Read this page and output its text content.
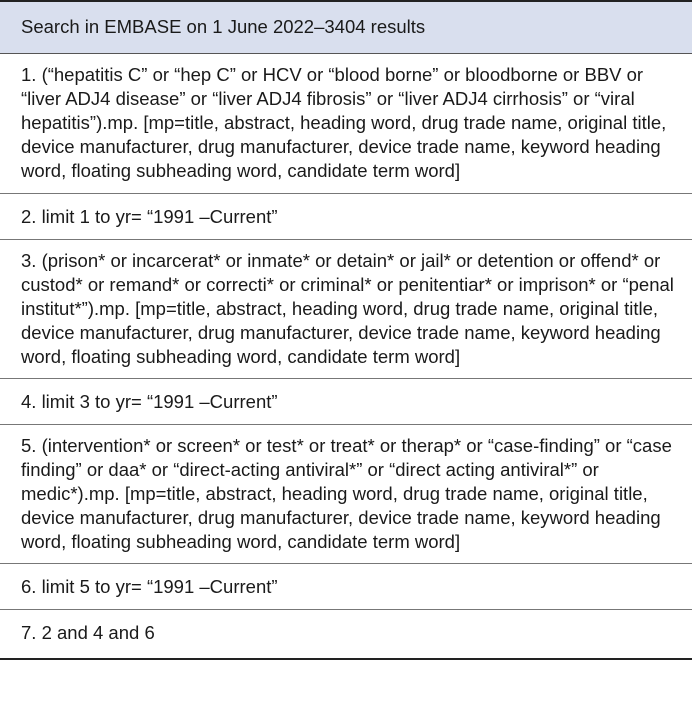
Search in EMBASE on 1 June 2022–3404 results
1. (“hepatitis C” or “hep C” or HCV or “blood borne” or bloodborne or BBV or “liver ADJ4 disease” or “liver ADJ4 fibrosis” or “liver ADJ4 cirrhosis” or “viral hepatitis”).mp. [mp=title, abstract, heading word, drug trade name, original title, device manufacturer, drug manufacturer, device trade name, keyword heading word, floating subheading word, candidate term word]
2. limit 1 to yr= “1991 –Current”
3. (prison* or incarcerat* or inmate* or detain* or jail* or detention or offend* or custod* or remand* or correcti* or criminal* or penitentiar* or imprison* or “penal institut*”).mp. [mp=title, abstract, heading word, drug trade name, original title, device manufacturer, drug manufacturer, device trade name, keyword heading word, floating subheading word, candidate term word]
4. limit 3 to yr= “1991 –Current”
5. (intervention* or screen* or test* or treat* or therap* or “case-finding” or “case finding” or daa* or “direct-acting antiviral*” or “direct acting antiviral*” or medic*).mp. [mp=title, abstract, heading word, drug trade name, original title, device manufacturer, drug manufacturer, device trade name, keyword heading word, floating subheading word, candidate term word]
6. limit 5 to yr= “1991 –Current”
7. 2 and 4 and 6
